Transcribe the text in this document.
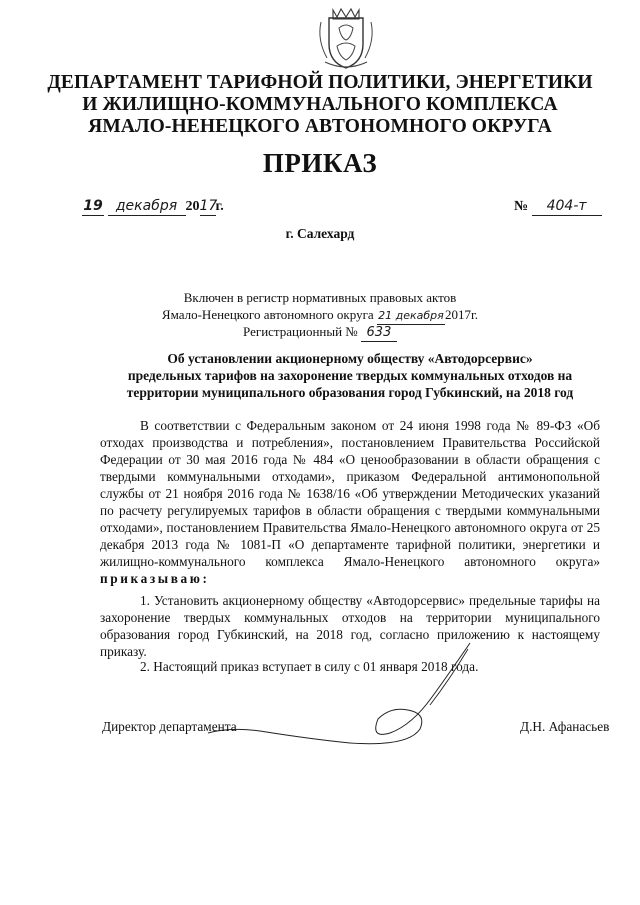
ДЕПАРТАМЕНТ ТАРИФНОЙ ПОЛИТИКИ, ЭНЕРГЕТИКИ
И ЖИЛИЩНО-КОММУНАЛЬНОГО КОМПЛЕКСА
ЯМАЛО-НЕНЕЦКОГО АВТОНОМНОГО ОКРУГА
ПРИКАЗ
19 декабря 2017г.	№ 404-т
г. Салехард
Включен в регистр нормативных правовых актов
Ямало-Ненецкого автономного округа 21 декабря2017г.
Регистрационный № 633
Об установлении акционерному обществу «Автодорсервис»
предельных тарифов на захоронение твердых коммунальных отходов на
территории муниципального образования город Губкинский, на 2018 год

В соответствии с Федеральным законом от 24 июня 1998 года № 89-ФЗ «Об отходах производства и потребления», постановлением Правительства Российской Федерации от 30 мая 2016 года № 484 «О ценообразовании в области обращения с твердыми коммунальными отходами», приказом Федеральной антимонопольной службы от 21 ноября 2016 года № 1638/16 «Об утверждении Методических указаний по расчету регулируемых тарифов в области обращения с твердыми коммунальными отходами», постановлением Правительства Ямало-Ненецкого автономного округа от 25 декабря 2013 года № 1081-П «О департаменте тарифной политики, энергетики и жилищно-коммунального комплекса Ямало-Ненецкого автономного округа» приказываю:

1. Установить акционерному обществу «Автодорсервис» предельные тарифы на захоронение твердых коммунальных отходов на территории муниципального образования город Губкинский, на 2018 год, согласно приложению к настоящему приказу.

2. Настоящий приказ вступает в силу с 01 января 2018 года.

Директор департамента	Д.Н. Афанасьев
